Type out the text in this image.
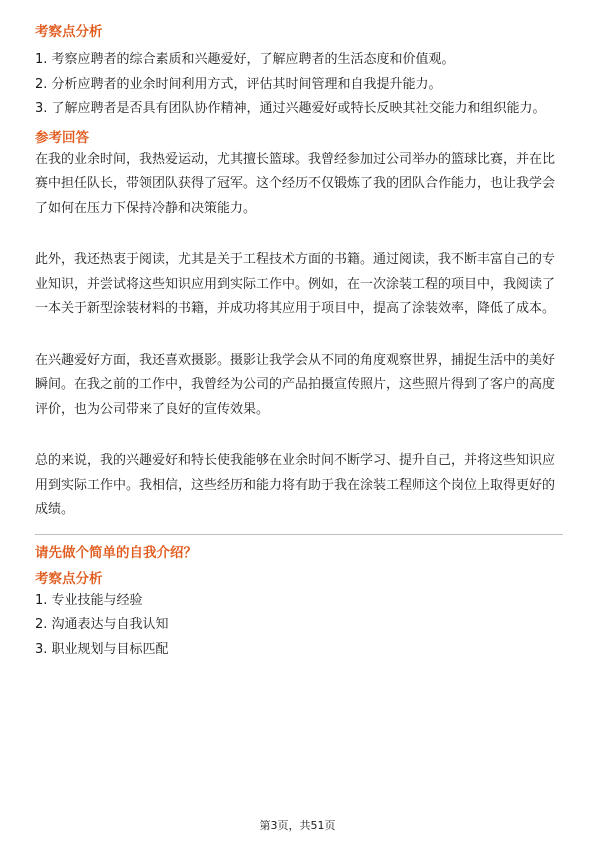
考察点分析
1. 考察应聘者的综合素质和兴趣爱好，了解应聘者的生活态度和价值观。
2. 分析应聘者的业余时间利用方式，评估其时间管理和自我提升能力。
3. 了解应聘者是否具有团队协作精神，通过兴趣爱好或特长反映其社交能力和组织能力。
参考回答

在我的业余时间，我热爱运动，尤其擅长篮球。我曾经参加过公司举办的篮球比赛，并在比赛中担任队长，带领团队获得了冠军。这个经历不仅锻炼了我的团队合作能力，也让我学会了如何在压力下保持冷静和决策能力。

此外，我还热衷于阅读，尤其是关于工程技术方面的书籍。通过阅读，我不断丰富自己的专业知识，并尝试将这些知识应用到实际工作中。例如，在一次涂装工程的项目中，我阅读了一本关于新型涂装材料的书籍，并成功将其应用于项目中，提高了涂装效率，降低了成本。

在兴趣爱好方面，我还喜欢摄影。摄影让我学会从不同的角度观察世界，捕捉生活中的美好瞬间。在我之前的工作中，我曾经为公司的产品拍摄宣传照片，这些照片得到了客户的高度评价，也为公司带来了良好的宣传效果。

总的来说，我的兴趣爱好和特长使我能够在业余时间不断学习、提升自己，并将这些知识应用到实际工作中。我相信，这些经历和能力将有助于我在涂装工程师这个岗位上取得更好的成绩。

请先做个简单的自我介绍？
考察点分析
1. 专业技能与经验
2. 沟通表达与自我认知
3. 职业规划与目标匹配
第3页，共51页
